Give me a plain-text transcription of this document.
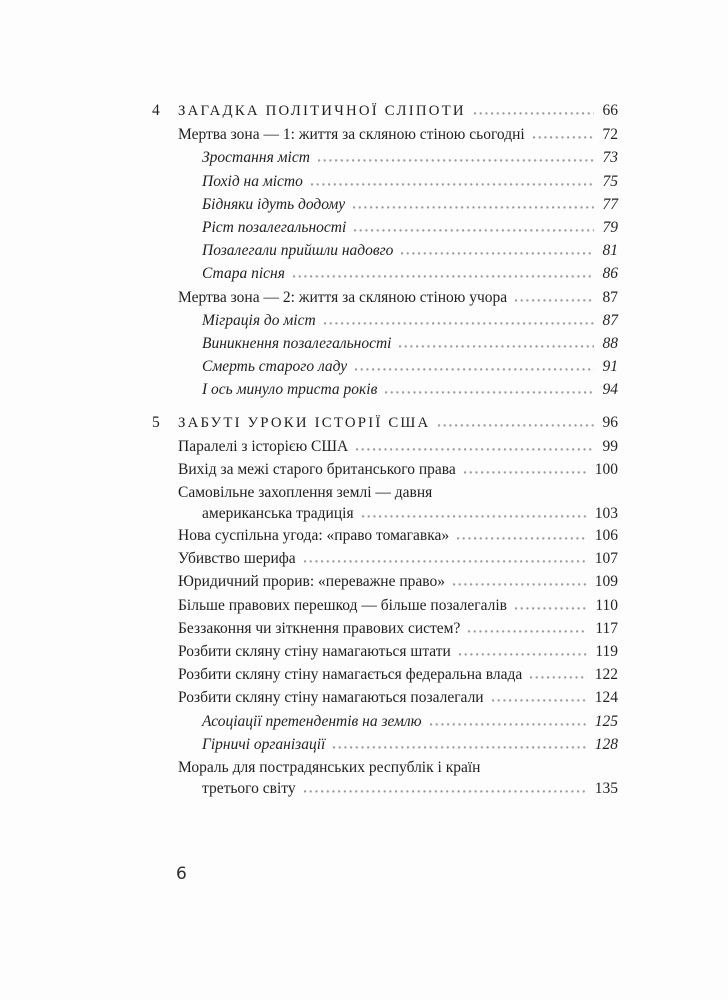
4	ЗАГАДКА ПОЛІТИЧНОЇ СЛІПОТИ	66
Мертва зона — 1: життя за скляною стіною сьогодні	72
Зростання міст	73
Похід на місто	75
Бідняки ідуть додому	77
Ріст позалегальності	79
Позалегали прийшли надовго	81
Стара пісня	86
Мертва зона — 2: життя за скляною стіною учора	87
Міграція до міст	87
Виникнення позалегальності	88
Смерть старого ладу	91
І ось минуло триста років	94
5	ЗАБУТІ УРОКИ ІСТОРІЇ США	96
Паралелі з історією США	99
Вихід за межі старого британського права	100
Самовільне захоплення землі — давня
американська традиція	103
Нова суспільна угода: «право томагавка»	106
Убивство шерифа	107
Юридичний прорив: «переважне право»	109
Більше правових перешкод — більше позалегалів	110
Беззаконня чи зіткнення правових систем?	117
Розбити скляну стіну намагаються штати	119
Розбити скляну стіну намагається федеральна влада	122
Розбити скляну стіну намагаються позалегали	124
Асоціації претендентів на землю	125
Гірничі організації	128
Мораль для пострадянських республік і країн
третього світу	135
6
